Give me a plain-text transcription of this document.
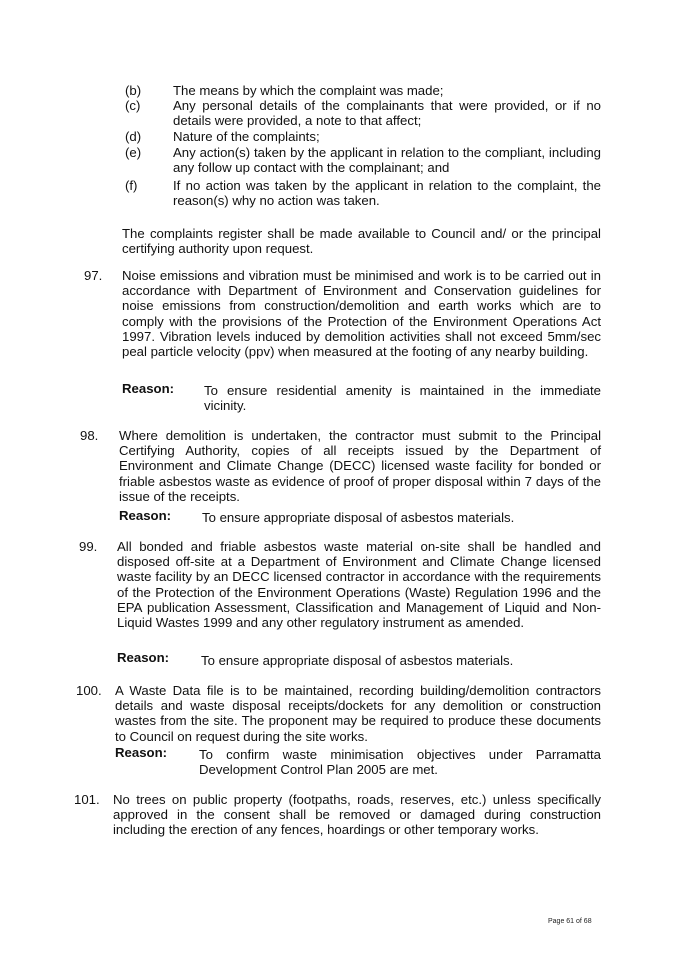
(b) The means by which the complaint was made;
(c) Any personal details of the complainants that were provided, or if no details were provided, a note to that affect;
(d) Nature of the complaints;
(e) Any action(s) taken by the applicant in relation to the compliant, including any follow up contact with the complainant; and
(f)	If no action was taken by the applicant in relation to the complaint, the reason(s) why no action was taken.
The complaints register shall be made available to Council and/ or the principal certifying authority upon request.
97. Noise emissions and vibration must be minimised and work is to be carried out in accordance with Department of Environment and Conservation guidelines for noise emissions from construction/demolition and earth works which are to comply with the provisions of the Protection of the Environment Operations Act 1997. Vibration levels induced by demolition activities shall not exceed 5mm/sec peal particle velocity (ppv) when measured at the footing of any nearby building.
Reason: To ensure residential amenity is maintained in the immediate vicinity.
98. Where demolition is undertaken, the contractor must submit to the Principal Certifying Authority, copies of all receipts issued by the Department of Environment and Climate Change (DECC) licensed waste facility for bonded or friable asbestos waste as evidence of proof of proper disposal within 7 days of the issue of the receipts.
Reason: To ensure appropriate disposal of asbestos materials.
99. All bonded and friable asbestos waste material on-site shall be handled and disposed off-site at a Department of Environment and Climate Change licensed waste facility by an DECC licensed contractor in accordance with the requirements of the Protection of the Environment Operations (Waste) Regulation 1996 and the EPA publication Assessment, Classification and Management of Liquid and Non-Liquid Wastes 1999 and any other regulatory instrument as amended.
Reason: To ensure appropriate disposal of asbestos materials.
100. A Waste Data file is to be maintained, recording building/demolition contractors details and waste disposal receipts/dockets for any demolition or construction wastes from the site. The proponent may be required to produce these documents to Council on request during the site works.
Reason: To confirm waste minimisation objectives under Parramatta Development Control Plan 2005 are met.
101. No trees on public property (footpaths, roads, reserves, etc.) unless specifically approved in the consent shall be removed or damaged during construction including the erection of any fences, hoardings or other temporary works.
Page 61 of 68
